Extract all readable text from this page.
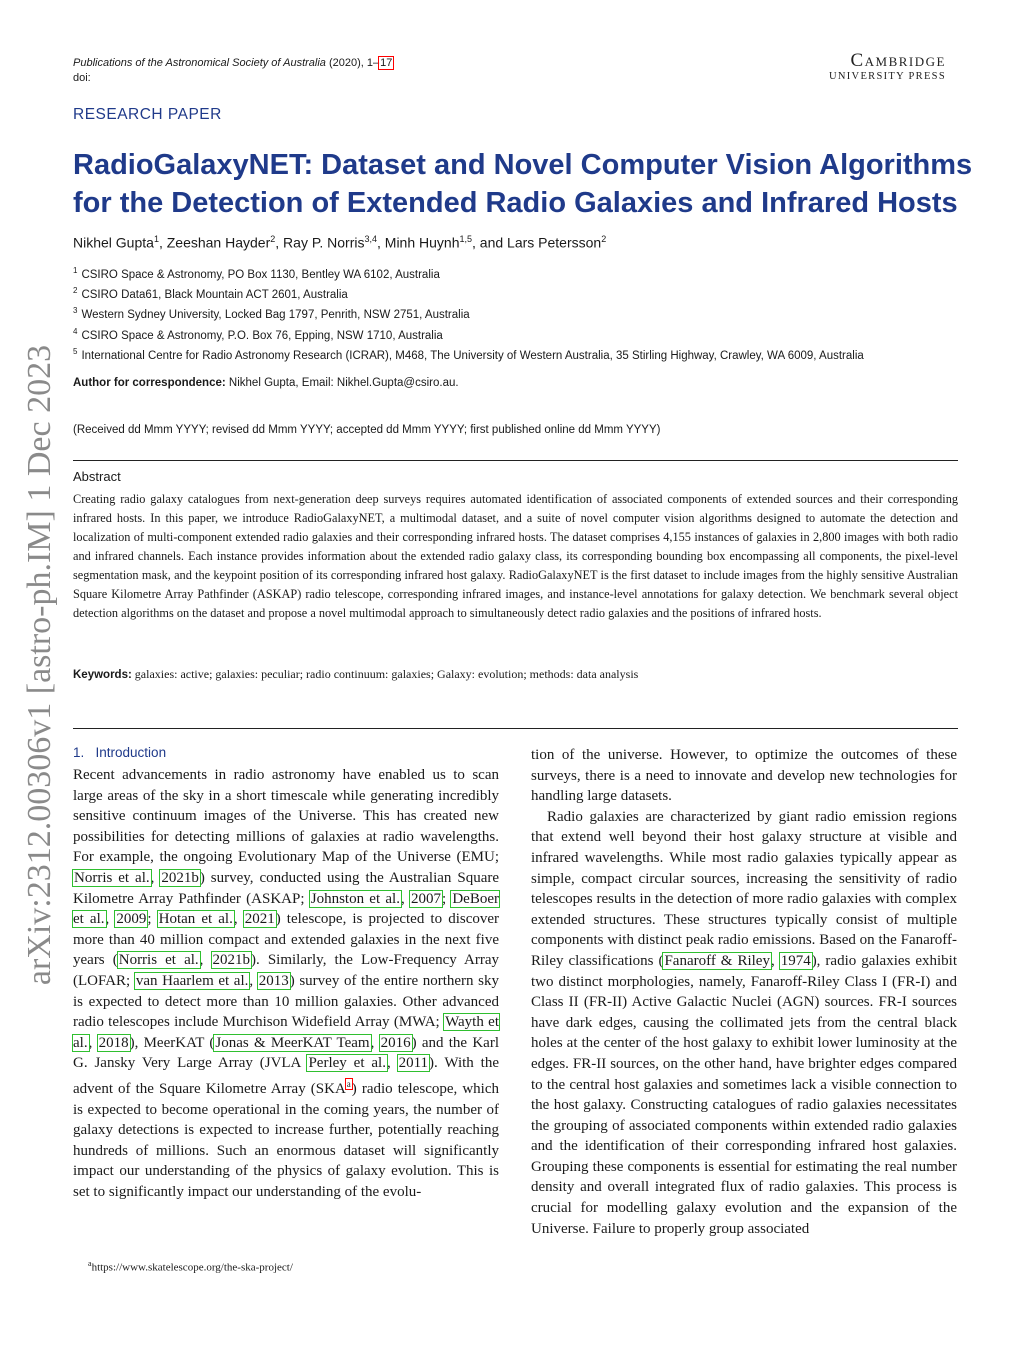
arXiv:2312.00306v1 [astro-ph.IM] 1 Dec 2023
Publications of the Astronomical Society of Australia (2020), 1–17
doi:
Cambridge
UNIVERSITY PRESS
RESEARCH PAPER
RadioGalaxyNET: Dataset and Novel Computer Vision Algorithms for the Detection of Extended Radio Galaxies and Infrared Hosts
Nikhel Gupta$^1$, Zeeshan Hayder$^2$, Ray P. Norris$^{3,4}$, Minh Huynh$^{1,5}$, and Lars Petersson$^2$
$^1$ CSIRO Space & Astronomy, PO Box 1130, Bentley WA 6102, Australia
$^2$ CSIRO Data61, Black Mountain ACT 2601, Australia
$^3$ Western Sydney University, Locked Bag 1797, Penrith, NSW 2751, Australia
$^4$ CSIRO Space & Astronomy, P.O. Box 76, Epping, NSW 1710, Australia
$^5$ International Centre for Radio Astronomy Research (ICRAR), M468, The University of Western Australia, 35 Stirling Highway, Crawley, WA 6009, Australia
Author for correspondence: Nikhel Gupta, Email: Nikhel.Gupta@csiro.au.
(Received dd Mmm YYYY; revised dd Mmm YYYY; accepted dd Mmm YYYY; first published online dd Mmm YYYY)
Abstract
Creating radio galaxy catalogues from next-generation deep surveys requires automated identification of associated components of extended sources and their corresponding infrared hosts. In this paper, we introduce RadioGalaxyNET, a multimodal dataset, and a suite of novel computer vision algorithms designed to automate the detection and localization of multi-component extended radio galaxies and their corresponding infrared hosts. The dataset comprises 4,155 instances of galaxies in 2,800 images with both radio and infrared channels. Each instance provides information about the extended radio galaxy class, its corresponding bounding box encompassing all components, the pixel-level segmentation mask, and the keypoint position of its corresponding infrared host galaxy. RadioGalaxyNET is the first dataset to include images from the highly sensitive Australian Square Kilometre Array Pathfinder (ASKAP) radio telescope, corresponding infrared images, and instance-level annotations for galaxy detection. We benchmark several object detection algorithms on the dataset and propose a novel multimodal approach to simultaneously detect radio galaxies and the positions of infrared hosts.
Keywords: galaxies: active; galaxies: peculiar; radio continuum: galaxies; Galaxy: evolution; methods: data analysis
1. Introduction
Recent advancements in radio astronomy have enabled us to scan large areas of the sky in a short timescale while generating incredibly sensitive continuum images of the Universe. This has created new possibilities for detecting millions of galaxies at radio wavelengths. For example, the ongoing Evolutionary Map of the Universe (EMU; Norris et al., 2021b) survey, conducted using the Australian Square Kilometre Array Pathfinder (ASKAP; Johnston et al., 2007; DeBoer et al., 2009; Hotan et al., 2021) telescope, is projected to discover more than 40 million compact and extended galaxies in the next five years (Norris et al., 2021b). Similarly, the Low-Frequency Array (LOFAR; van Haarlem et al., 2013) survey of the entire northern sky is expected to detect more than 10 million galaxies. Other advanced radio telescopes include Murchison Widefield Array (MWA; Wayth et al., 2018), MeerKAT (Jonas & MeerKAT Team, 2016) and the Karl G. Jansky Very Large Array (JVLA Perley et al., 2011). With the advent of the Square Kilometre Array (SKA$^a$) radio telescope, which is expected to become operational in the coming years, the number of galaxy detections is expected to increase further, potentially reaching hundreds of millions. Such an enormous dataset will significantly impact our understanding of the physics of galaxy evolution. This is set to significantly impact our understanding of the evolu-
tion of the universe. However, to optimize the outcomes of these surveys, there is a need to innovate and develop new technologies for handling large datasets.
Radio galaxies are characterized by giant radio emission regions that extend well beyond their host galaxy structure at visible and infrared wavelengths. While most radio galaxies typically appear as simple, compact circular sources, increasing the sensitivity of radio telescopes results in the detection of more radio galaxies with complex extended structures. These structures typically consist of multiple components with distinct peak radio emissions. Based on the Fanaroff-Riley classifications (Fanaroff & Riley, 1974), radio galaxies exhibit two distinct morphologies, namely, Fanaroff-Riley Class I (FR-I) and Class II (FR-II) Active Galactic Nuclei (AGN) sources. FR-I sources have dark edges, causing the collimated jets from the central black holes at the center of the host galaxy to exhibit lower luminosity at the edges. FR-II sources, on the other hand, have brighter edges compared to the central host galaxies and sometimes lack a visible connection to the host galaxy. Constructing catalogues of radio galaxies necessitates the grouping of associated components within extended radio galaxies and the identification of their corresponding infrared host galaxies. Grouping these components is essential for estimating the real number density and overall integrated flux of radio galaxies. This process is crucial for modelling galaxy evolution and the expansion of the Universe. Failure to properly group associated
$^a$https://www.skatelescope.org/the-ska-project/
